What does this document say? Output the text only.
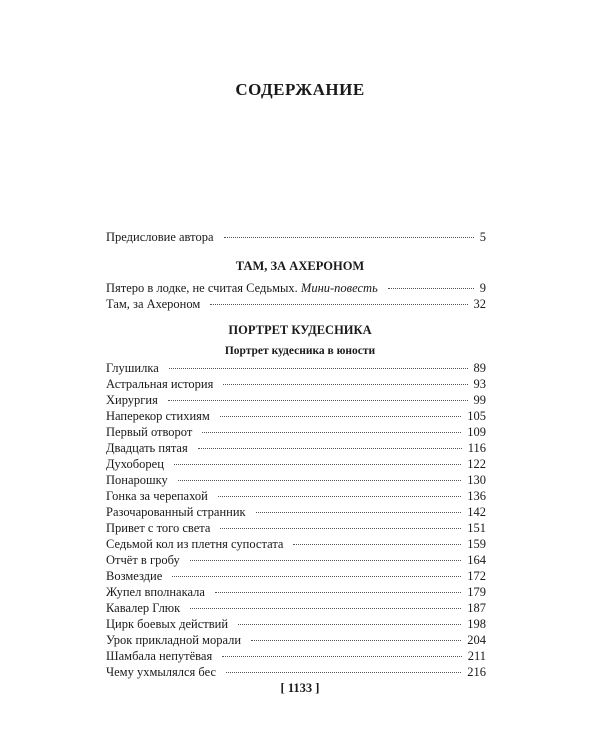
СОДЕРЖАНИЕ
Предисловие автора	5
ТАМ, ЗА АХЕРОНОМ
Пятеро в лодке, не считая Седьмых. Мини-повесть	9
Там, за Ахероном	32
ПОРТРЕТ КУДЕСНИКА
Портрет кудесника в юности
Глушилка	89
Астральная история	93
Хирургия	99
Наперекор стихиям	105
Первый отворот	109
Двадцать пятая	116
Духоборец	122
Понарошку	130
Гонка за черепахой	136
Разочарованный странник	142
Привет с того света	151
Седьмой кол из плетня супостата	159
Отчёт в гробу	164
Возмездие	172
Жупел вполнакала	179
Кавалер Глюк	187
Цирк боевых действий	198
Урок прикладной морали	204
Шамбала непутёвая	211
Чему ухмылялся бес	216
[ 1133 ]
